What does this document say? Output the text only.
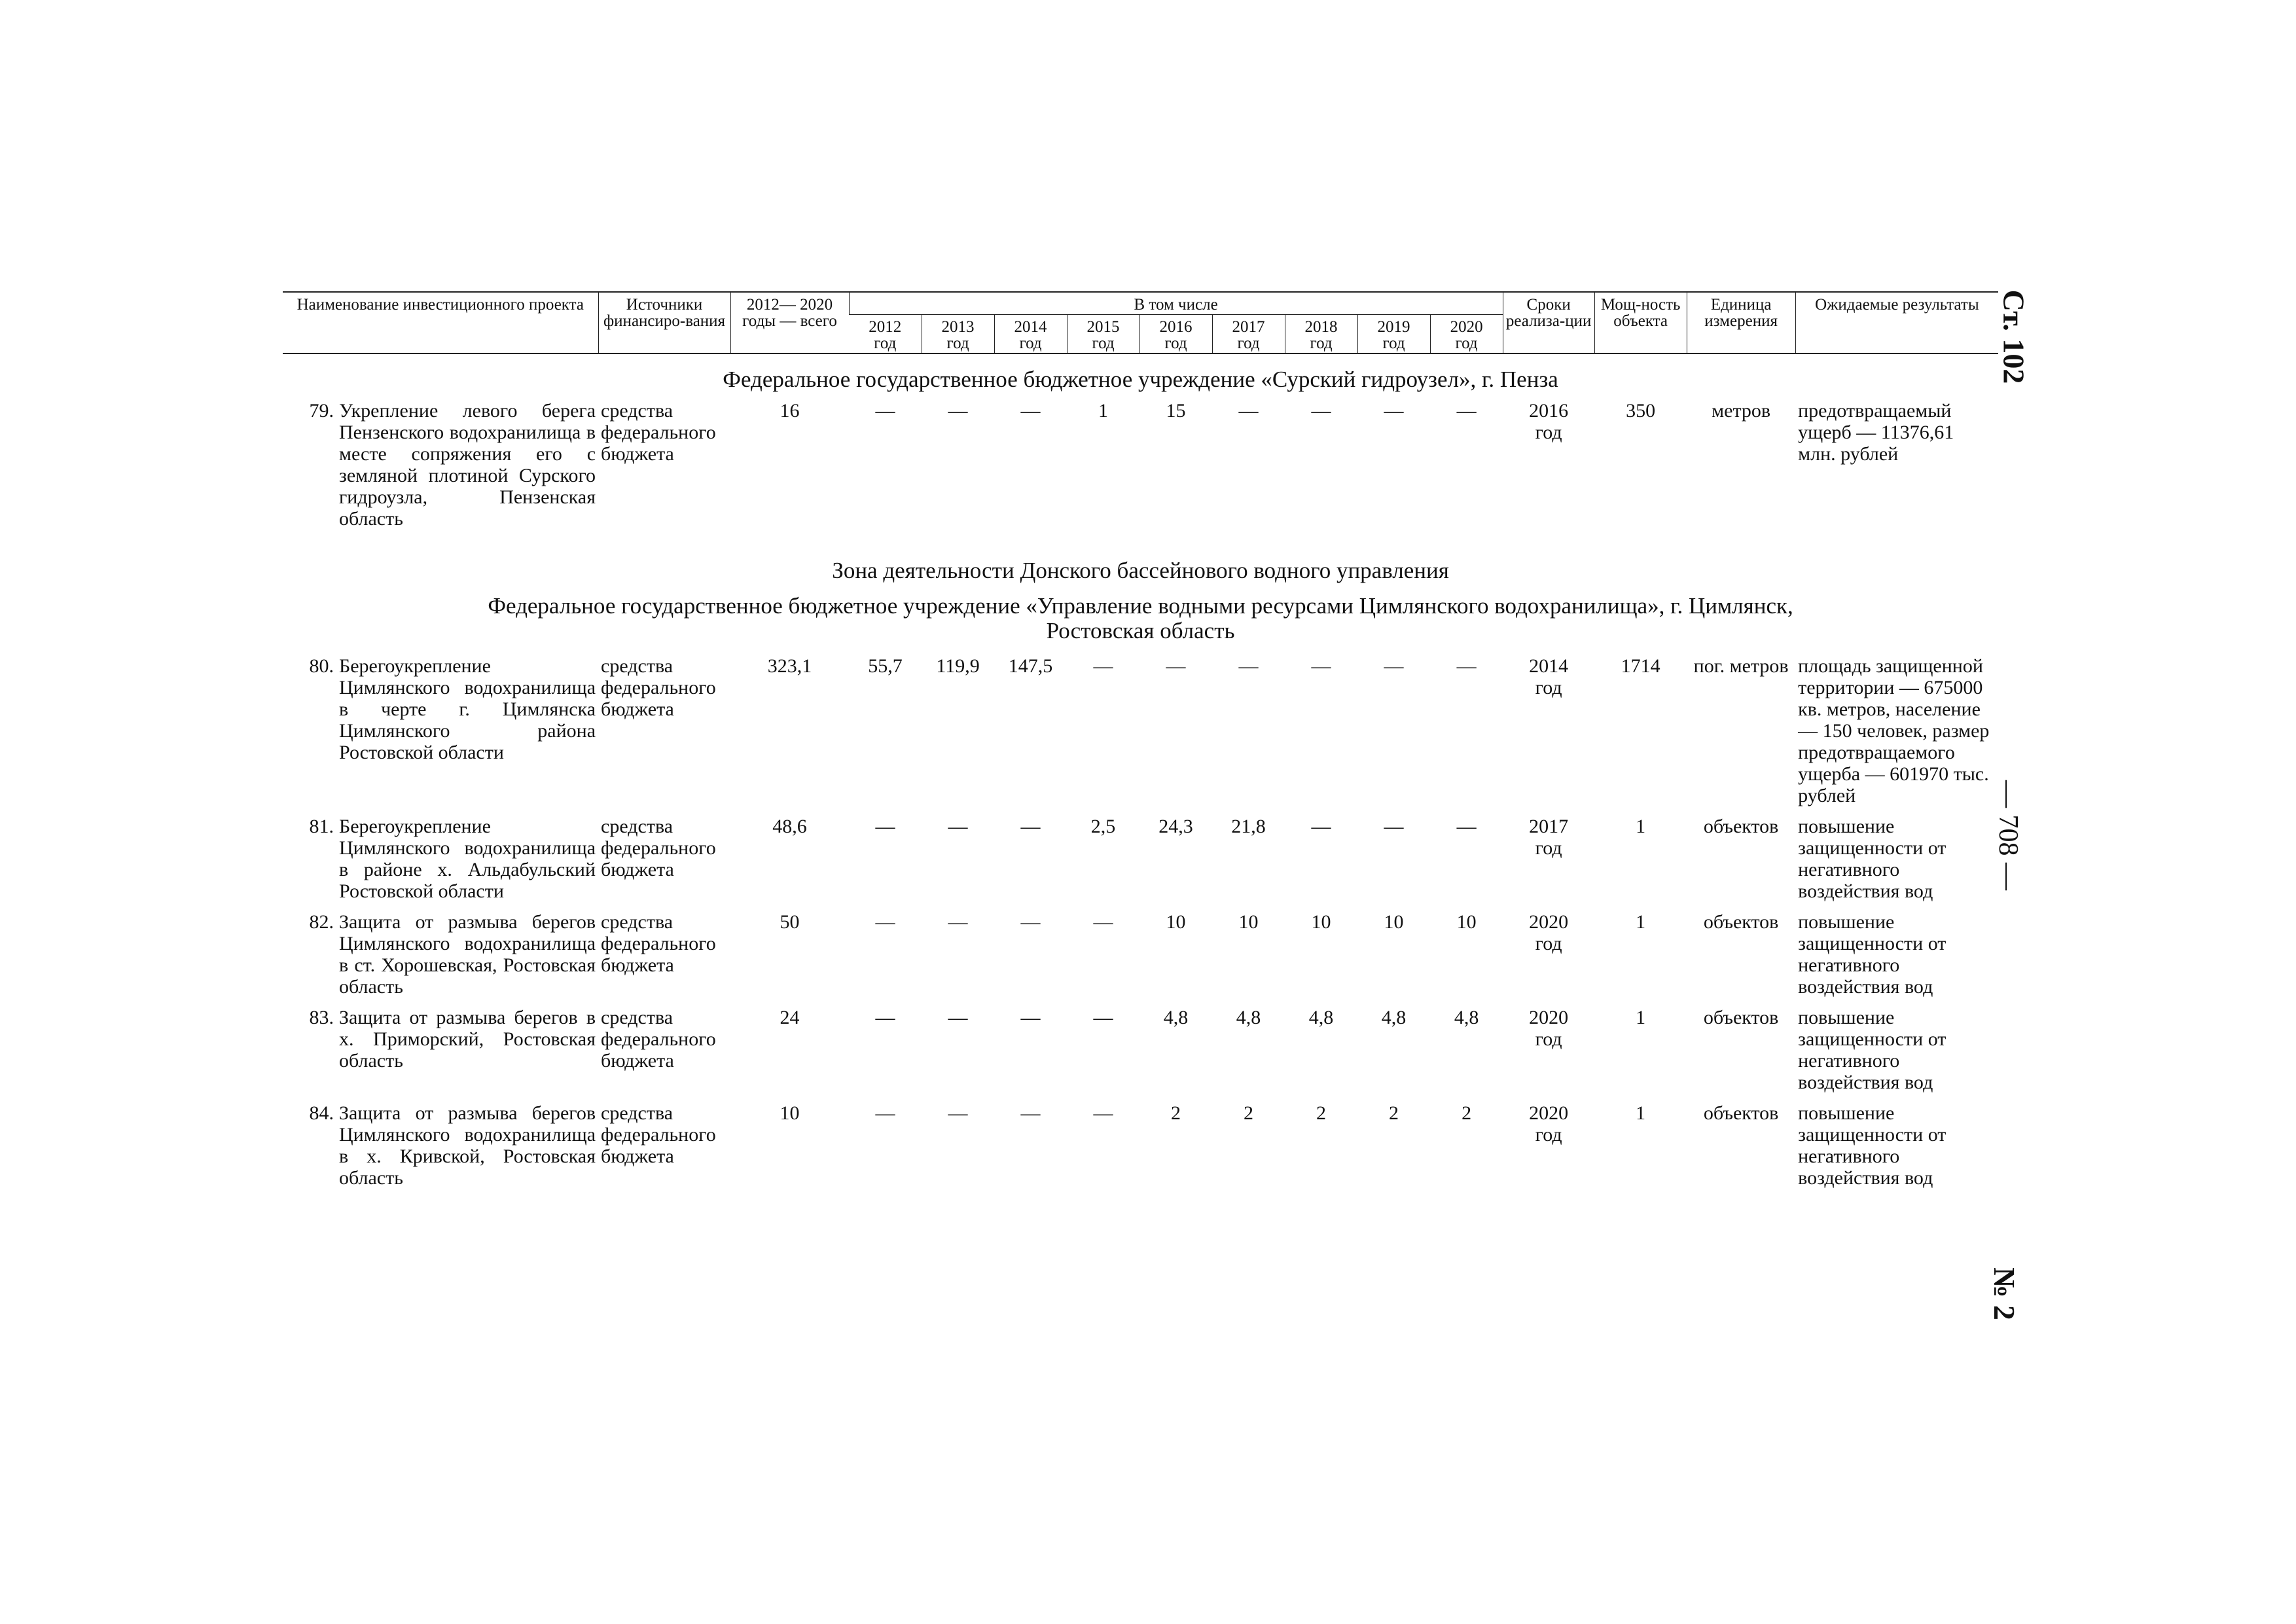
Ст. 102
— 708 —
№ 2
Наименование инвестиционного проекта		Источники финансиро-вания	2012— 2020 годы — всего	В том числе									Сроки реализа-ции	Мощ-ность объекта	Единица измерения	Ожидаемые результаты

				2012
год	2013
год	2014
год	2015
год	2016
год	2017
год	2018
год	2019
год	2020
год				

Федеральное государственное бюджетное учреждение «Сурский гидроузел», г. Пенза																
79.	Укрепление левого берега Пензенского водохранилища в месте сопряжения его с земляной плотиной Сурского гидроузла, Пензенская область	средства федерального бюджета	16	—	—	—	1	15	—	—	—	—	2016
год	350	метров	предотвращаемый ущерб — 11376,61 млн. рублей
Зона деятельности Донского бассейнового водного управления																
Федеральное государственное бюджетное учреждение «Управление водными ресурсами Цимлянского водохранилища», г. Цимлянск, Ростовская область																
80.	Берегоукрепление Цимлянского водохранилища в черте г. Цимлянска Цимлянского района Ростовской области	средства федерального бюджета	323,1	55,7	119,9	147,5	—	—	—	—	—	—	2014
год	1714	пог. метров	площадь защищенной территории — 675000 кв. метров, население — 150 человек, размер предотвращаемого ущерба — 601970 тыс. рублей
81.	Берегоукрепление Цимлянского водохранилища в районе х. Альдабульский Ростовской области	средства федерального бюджета	48,6	—	—	—	2,5	24,3	21,8	—	—	—	2017
год	1	объектов	повышение защищенности от негативного воздействия вод
82.	Защита от размыва берегов Цимлянского водохранилища в ст. Хорошевская, Ростовская область	средства федерального бюджета	50	—	—	—	—	10	10	10	10	10	2020
год	1	объектов	повышение защищенности от негативного воздействия вод
83.	Защита от размыва берегов в х. Приморский, Ростовская область	средства федерального бюджета	24	—	—	—	—	4,8	4,8	4,8	4,8	4,8	2020
год	1	объектов	повышение защищенности от негативного воздействия вод
84.	Защита от размыва берегов Цимлянского водохранилища в х. Кривской, Ростовская область	средства федерального бюджета	10	—	—	—	—	2	2	2	2	2	2020
год	1	объектов	повышение защищенности от негативного воздействия вод
